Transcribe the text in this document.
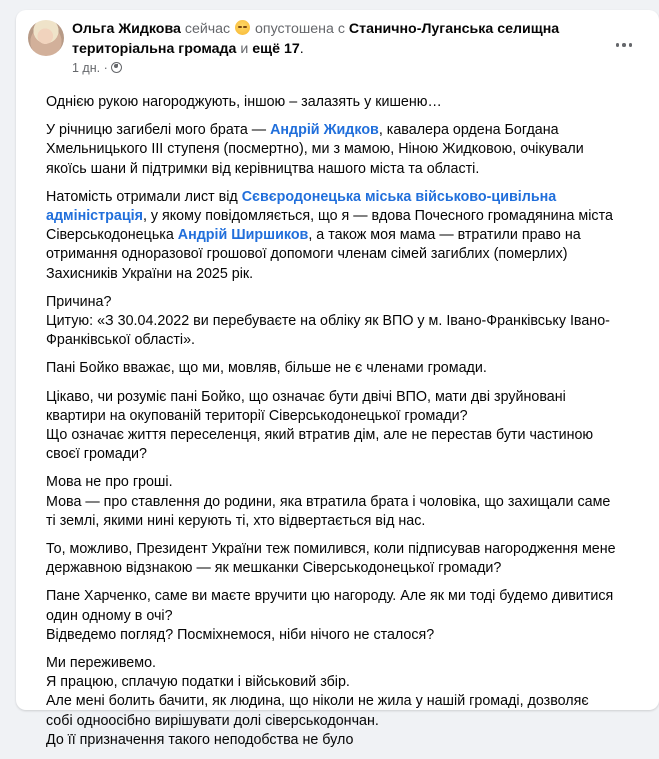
Ольга Жидкова сейчас опустошена с Станично-Луганська селищна територіальна громада и ещё 17.
1 дн. ·

Однією рукою нагороджують, іншою – залазять у кишеню…

У річницю загибелі мого брата — Андрій Жидков, кавалера ордена Богдана Хмельницького ІІІ ступеня (посмертно), ми з мамою, Ніною Жидковою, очікували якоїсь шани й підтримки від керівництва нашого міста та області.

Натомість отримали лист від Сєвєродонецька міська військово-цивільна адміністрація, у якому повідомляється, що я — вдова Почесного громадянина міста Сіверськодонецька Андрій Ширшиков, а також моя мама — втратили право на отримання одноразової грошової допомоги членам сімей загиблих (померлих) Захисників України на 2025 рік.

Причина?
Цитую: «З 30.04.2022 ви перебуваєте на обліку як ВПО у м. Івано-Франківську Івано-Франківської області».

Пані Бойко вважає, що ми, мовляв, більше не є членами громади.

Цікаво, чи розуміє пані Бойко, що означає бути двічі ВПО, мати дві зруйновані квартири на окупованій території Сіверськодонецької громади?
Що означає життя переселенця, який втратив дім, але не перестав бути частиною своєї громади?

Мова не про гроші.
Мова — про ставлення до родини, яка втратила брата і чоловіка, що захищали саме ті землі, якими нині керують ті, хто відвертається від нас.

То, можливо, Президент України теж помилився, коли підписував нагородження мене державною відзнакою — як мешканки Сіверськодонецької громади?

Пане Харченко, саме ви маєте вручити цю нагороду. Але як ми тоді будемо дивитися один одному в очі?
Відведемо погляд? Посміхнемося, ніби нічого не сталося?

Ми переживемо.
Я працюю, сплачую податки і військовий збір.
Але мені болить бачити, як людина, що ніколи не жила у нашій громаді, дозволяє собі одноосібно вирішувати долі сіверськодончан.
До її призначення такого неподобства не було
